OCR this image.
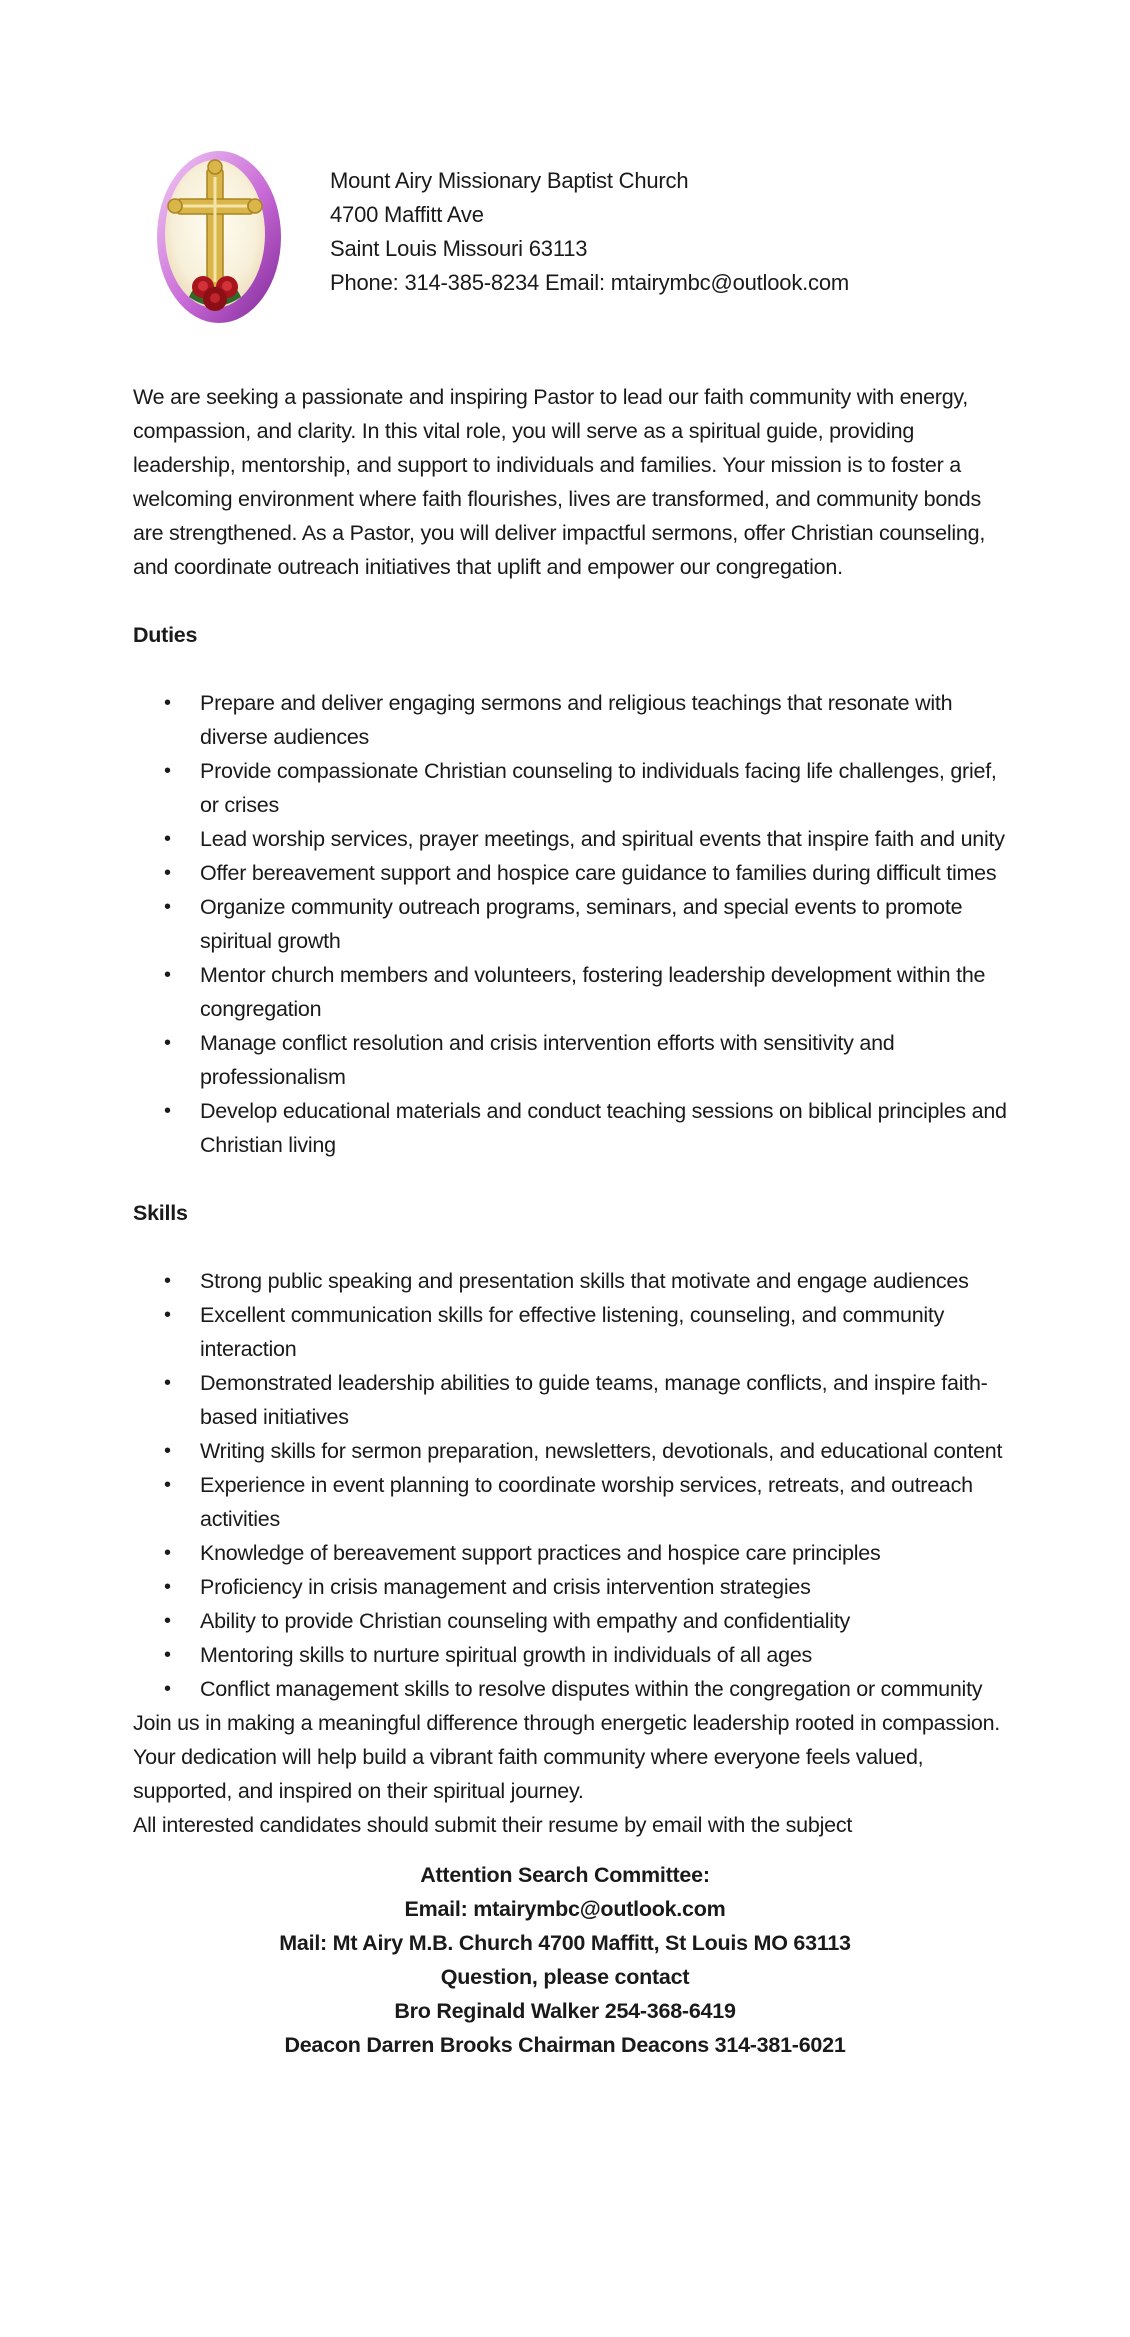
Mount Airy Missionary Baptist Church
4700 Maffitt Ave
Saint Louis Missouri 63113
Phone: 314-385-8234 Email: mtairymbc@outlook.com

We are seeking a passionate and inspiring Pastor to lead our faith community with energy, compassion, and clarity. In this vital role, you will serve as a spiritual guide, providing leadership, mentorship, and support to individuals and families. Your mission is to foster a welcoming environment where faith flourishes, lives are transformed, and community bonds are strengthened. As a Pastor, you will deliver impactful sermons, offer Christian counseling, and coordinate outreach initiatives that uplift and empower our congregation.

Duties
• Prepare and deliver engaging sermons and religious teachings that resonate with diverse audiences
• Provide compassionate Christian counseling to individuals facing life challenges, grief, or crises
• Lead worship services, prayer meetings, and spiritual events that inspire faith and unity
• Offer bereavement support and hospice care guidance to families during difficult times
• Organize community outreach programs, seminars, and special events to promote spiritual growth
• Mentor church members and volunteers, fostering leadership development within the congregation
• Manage conflict resolution and crisis intervention efforts with sensitivity and professionalism
• Develop educational materials and conduct teaching sessions on biblical principles and Christian living
Skills
• Strong public speaking and presentation skills that motivate and engage audiences
• Excellent communication skills for effective listening, counseling, and community interaction
• Demonstrated leadership abilities to guide teams, manage conflicts, and inspire faith-based initiatives
• Writing skills for sermon preparation, newsletters, devotionals, and educational content
• Experience in event planning to coordinate worship services, retreats, and outreach activities
• Knowledge of bereavement support practices and hospice care principles
• Proficiency in crisis management and crisis intervention strategies
• Ability to provide Christian counseling with empathy and confidentiality
• Mentoring skills to nurture spiritual growth in individuals of all ages
• Conflict management skills to resolve disputes within the congregation or community

Join us in making a meaningful difference through energetic leadership rooted in compassion. Your dedication will help build a vibrant faith community where everyone feels valued, supported, and inspired on their spiritual journey.

All interested candidates should submit their resume by email with the subject

Attention Search Committee:
Email: mtairymbc@outlook.com
Mail: Mt Airy M.B. Church 4700 Maffitt, St Louis MO 63113
Question, please contact
Bro Reginald Walker 254-368-6419
Deacon Darren Brooks Chairman Deacons 314-381-6021
